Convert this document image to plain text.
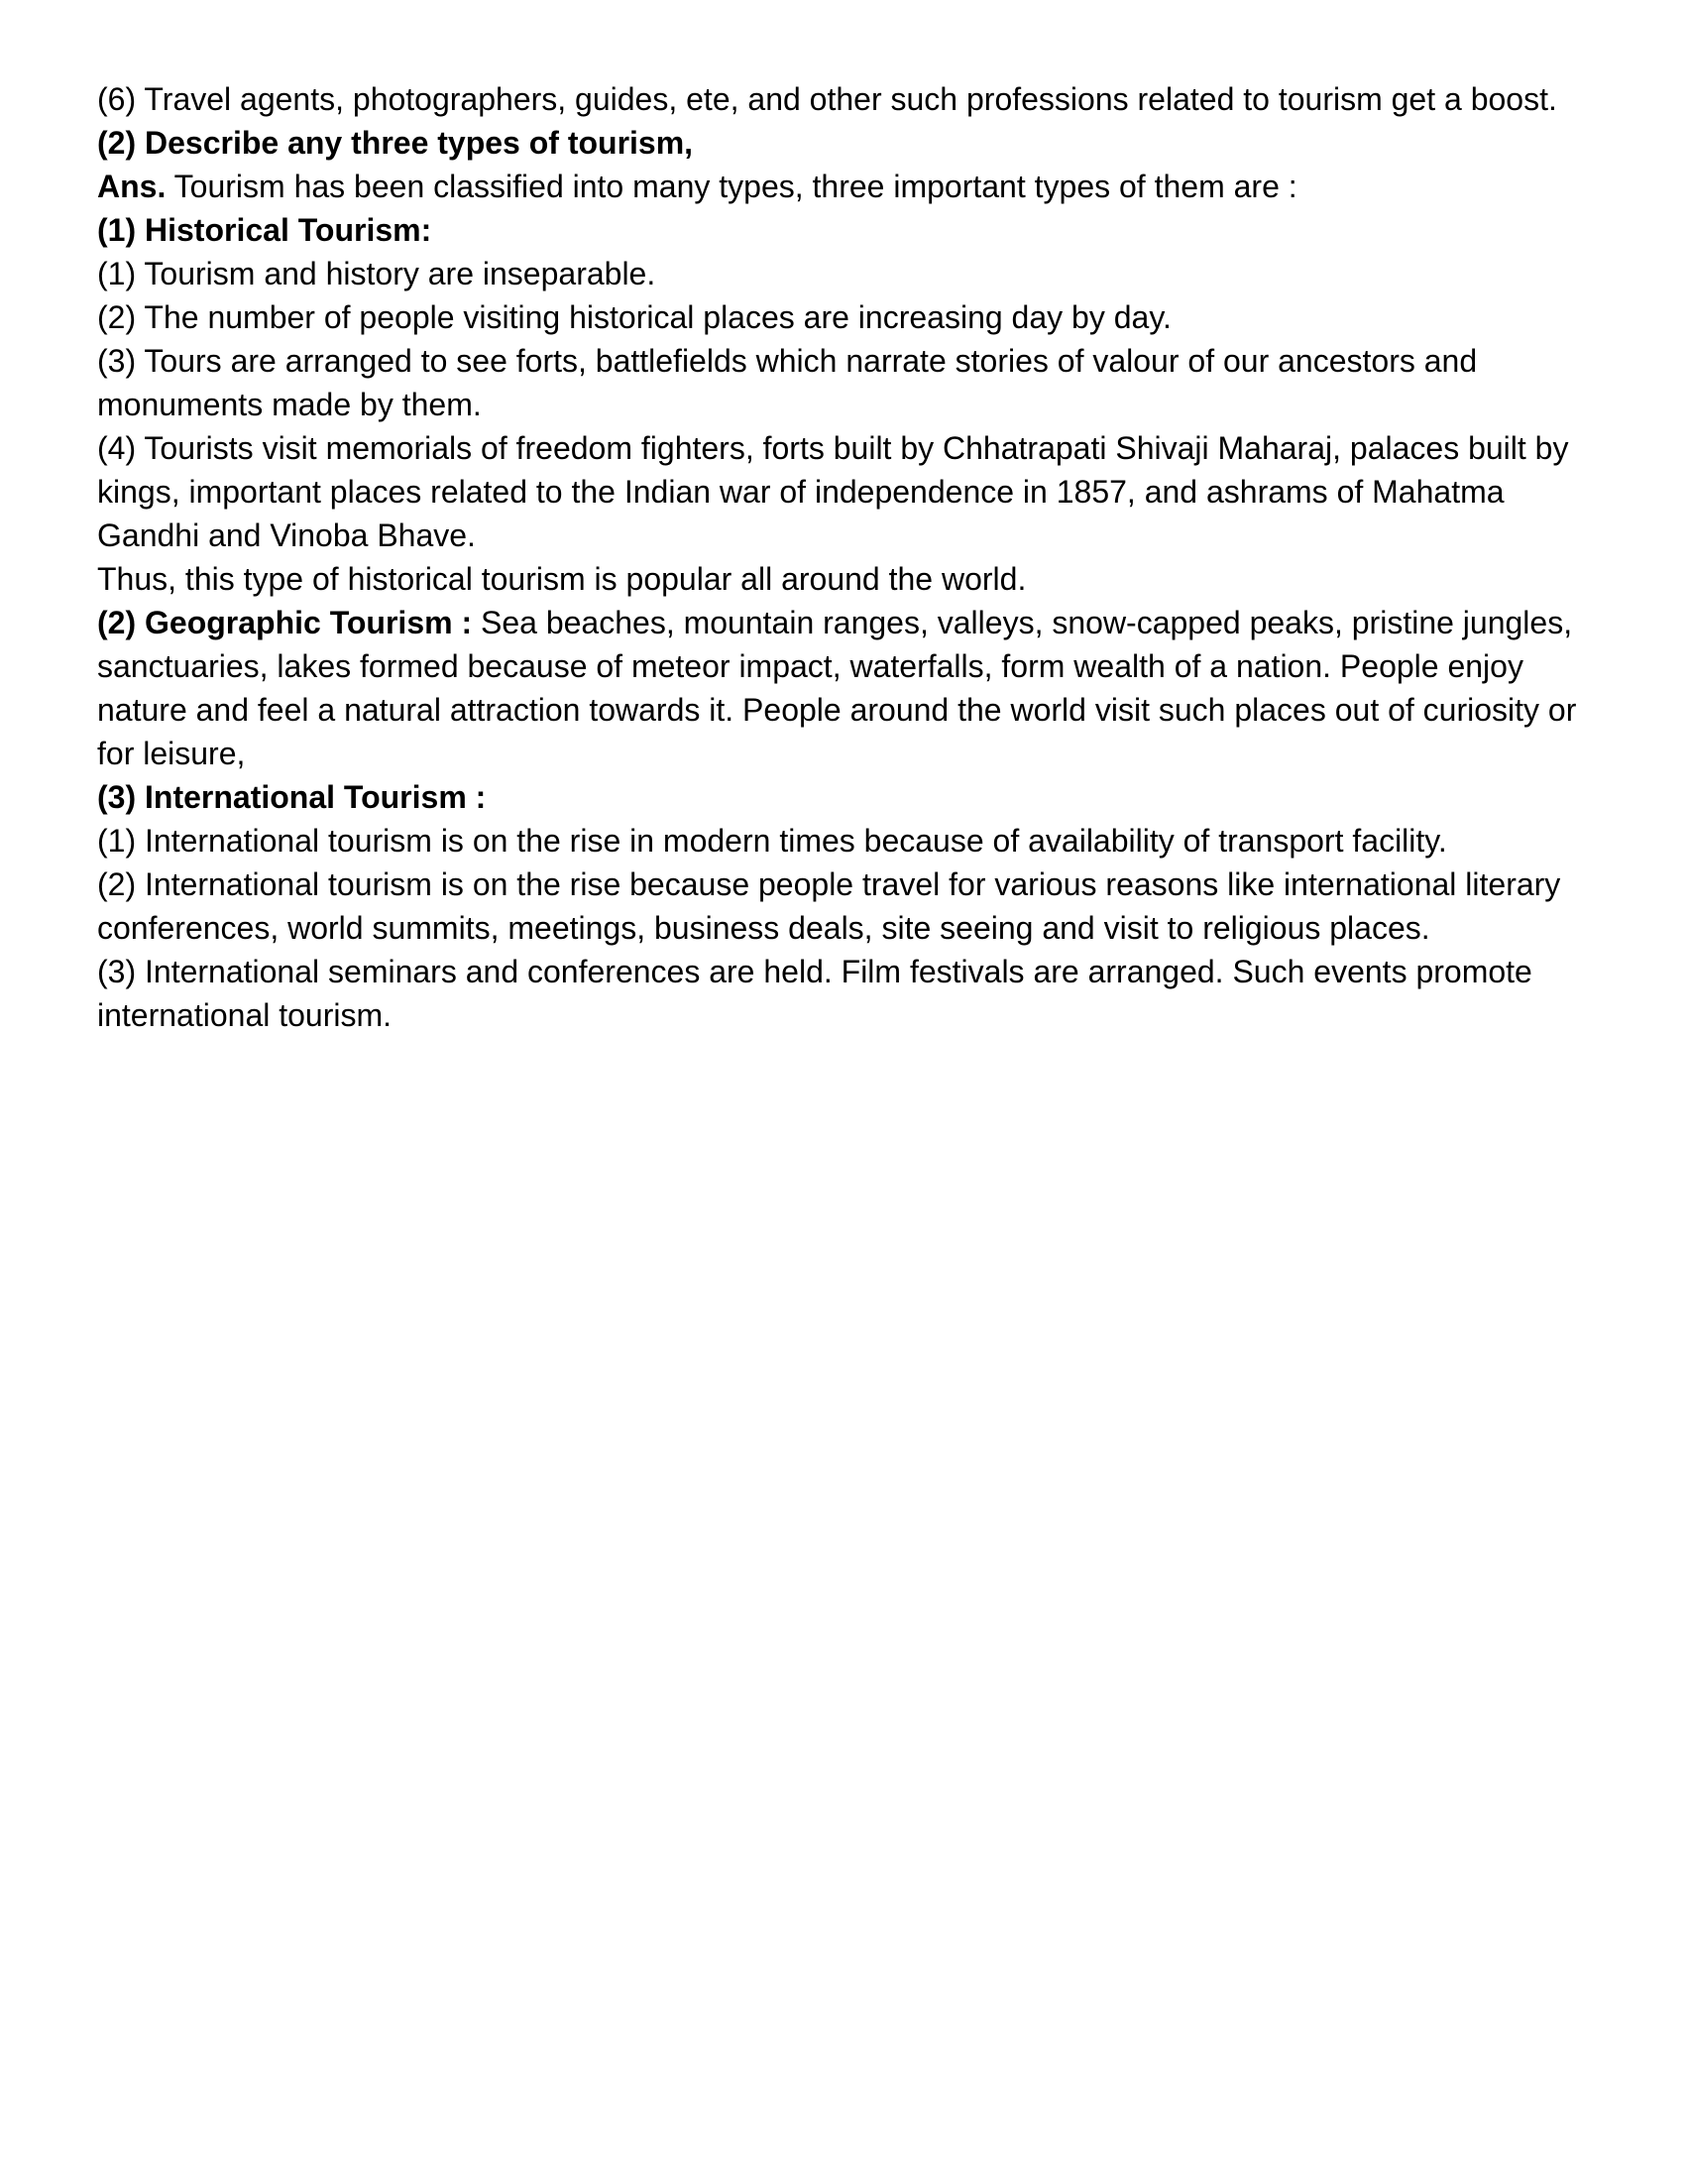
(6) Travel agents, photographers, guides, ete, and other such professions related to tourism get a boost.

(2) Describe any three types of tourism,

Ans. Tourism has been classified into many types, three important types of them are :

(1) Historical Tourism:

(1) Tourism and history are inseparable.

(2) The number of people visiting historical places are increasing day by day.

(3) Tours are arranged to see forts, battlefields which narrate stories of valour of our ancestors and monuments made by them.

(4) Tourists visit memorials of freedom fighters, forts built by Chhatrapati Shivaji Maharaj, palaces built by kings, important places related to the Indian war of independence in 1857, and ashrams of Mahatma Gandhi and Vinoba Bhave.

Thus, this type of historical tourism is popular all around the world.

(2) Geographic Tourism : Sea beaches, mountain ranges, valleys, snow-capped peaks, pristine jungles, sanctuaries, lakes formed because of meteor impact, waterfalls, form wealth of a nation. People enjoy nature and feel a natural attraction towards it. People around the world visit such places out of curiosity or for leisure,

(3) International Tourism :

(1) International tourism is on the rise in modern times because of availability of transport facility.

(2) International tourism is on the rise because people travel for various reasons like international literary conferences, world summits, meetings, business deals, site seeing and visit to religious places.

(3) International seminars and conferences are held. Film festivals are arranged. Such events promote international tourism.
